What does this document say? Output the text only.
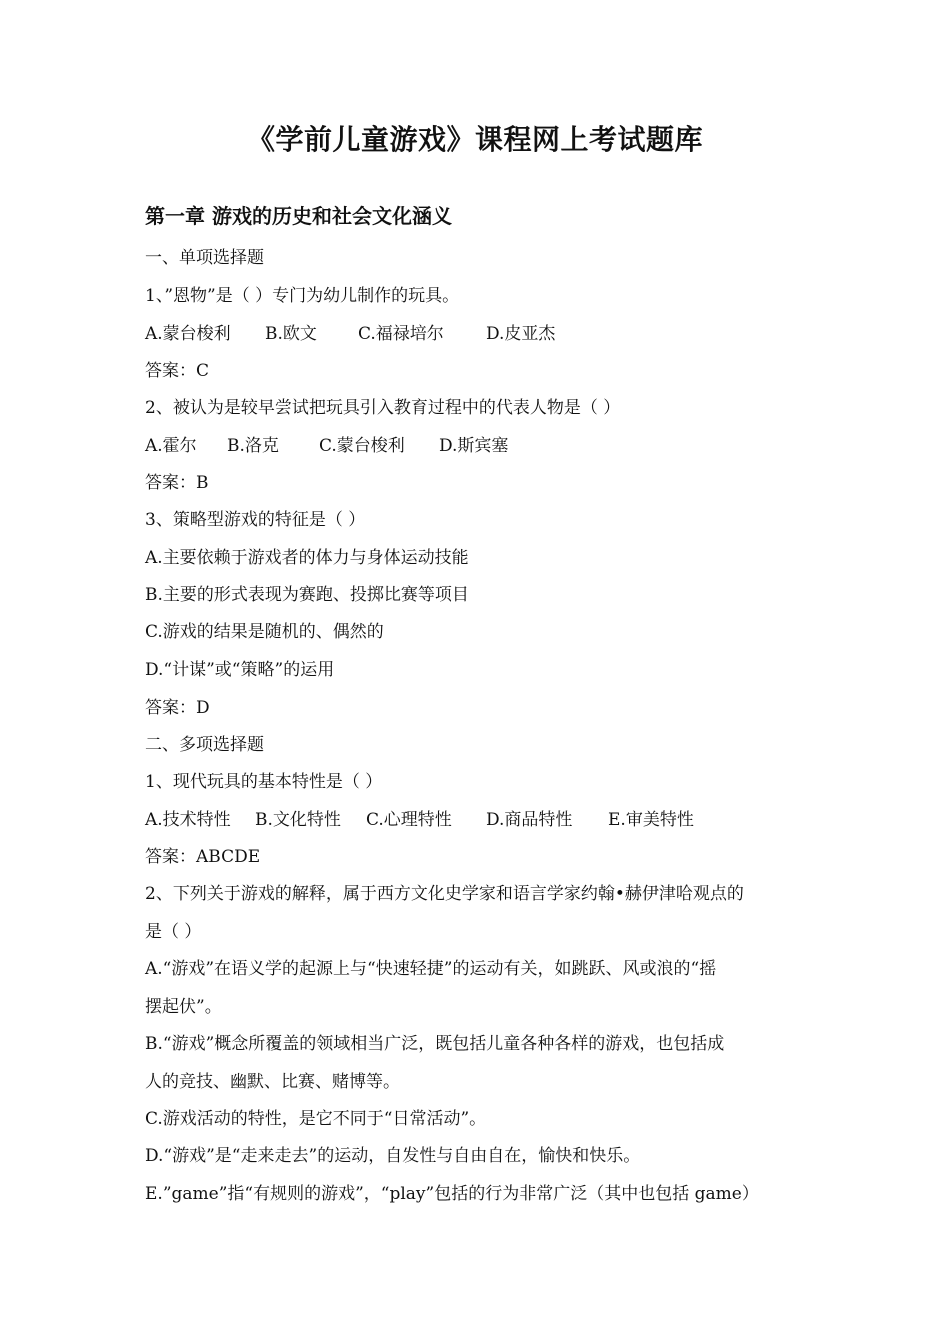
《学前儿童游戏》课程网上考试题库
第一章 游戏的历史和社会文化涵义
一、单项选择题
1、”恩物”是（ ）专门为幼儿制作的玩具。
A.蒙台梭利 B.欧文 C.福禄培尔 D.皮亚杰
答案：C
2、被认为是较早尝试把玩具引入教育过程中的代表人物是（ ）
A.霍尔 B.洛克 C.蒙台梭利 D.斯宾塞
答案：B
3、策略型游戏的特征是（ ）
A.主要依赖于游戏者的体力与身体运动技能
B.主要的形式表现为赛跑、投掷比赛等项目
C.游戏的结果是随机的、偶然的
D.“计谋”或“策略”的运用
答案：D
二、多项选择题
1、现代玩具的基本特性是（ ）
A.技术特性 B.文化特性 C.心理特性 D.商品特性 E.审美特性
答案：ABCDE
2、下列关于游戏的解释，属于西方文化史学家和语言学家约翰•赫伊津哈观点的
是（ ）
A.“游戏”在语义学的起源上与“快速轻捷”的运动有关，如跳跃、风或浪的“摇
摆起伏”。
B.“游戏”概念所覆盖的领域相当广泛，既包括儿童各种各样的游戏，也包括成
人的竞技、幽默、比赛、赌博等。
C.游戏活动的特性，是它不同于“日常活动”。
D.“游戏”是“走来走去”的运动，自发性与自由自在，愉快和快乐。
E.”game”指“有规则的游戏”，“play”包括的行为非常广泛（其中也包括 game）
